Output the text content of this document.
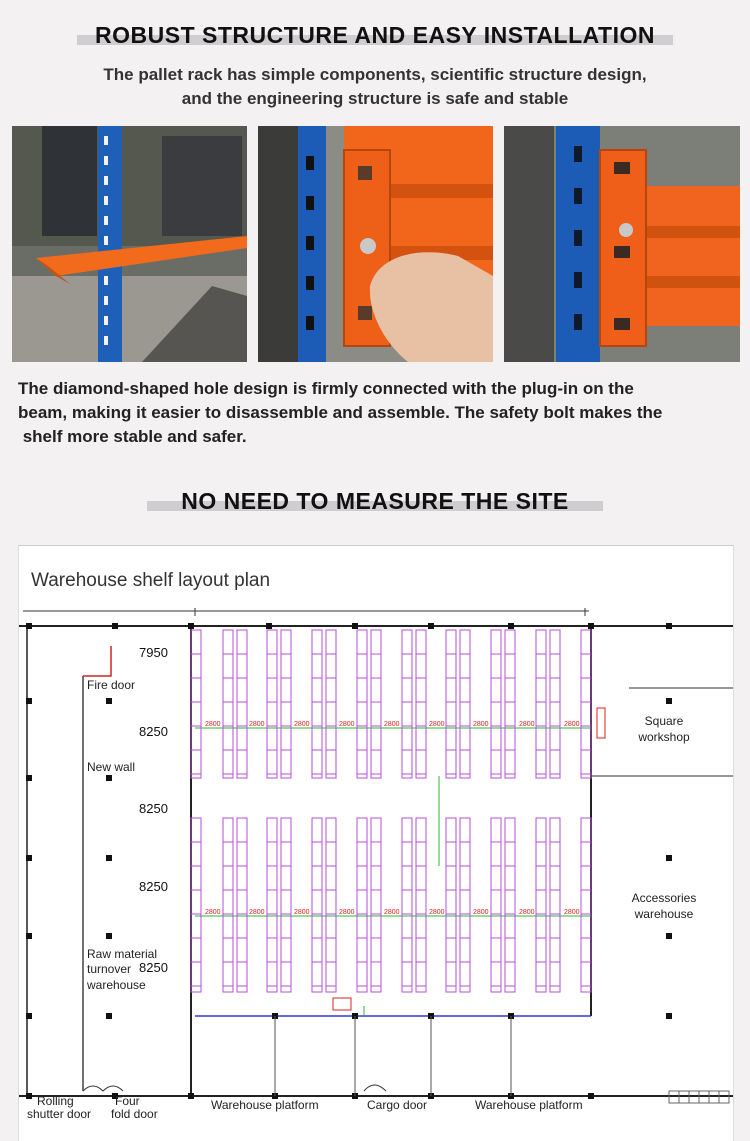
ROBUST STRUCTURE AND EASY INSTALLATION
The pallet rack has simple components, scientific structure design,
and the engineering structure is safe and stable
The diamond-shaped hole design is firmly connected with the plug-in on the
beam, making it easier to disassemble and assemble. The safety bolt makes the
shelf more stable and safer.
NO NEED TO MEASURE THE SITE
Warehouse shelf layout plan
2800	2800	2800	2800	2800	2800	2800	2800	2800
2800	2800	2800	2800	2800	2800	2800	2800	2800
7950
8250
8250
8250
8250
Fire door
New wall
Raw material
turnover
warehouse
Square
workshop
Accessories
warehouse
Rolling
shutter door
Four
fold door
Warehouse platform	Cargo door	Warehouse platform
